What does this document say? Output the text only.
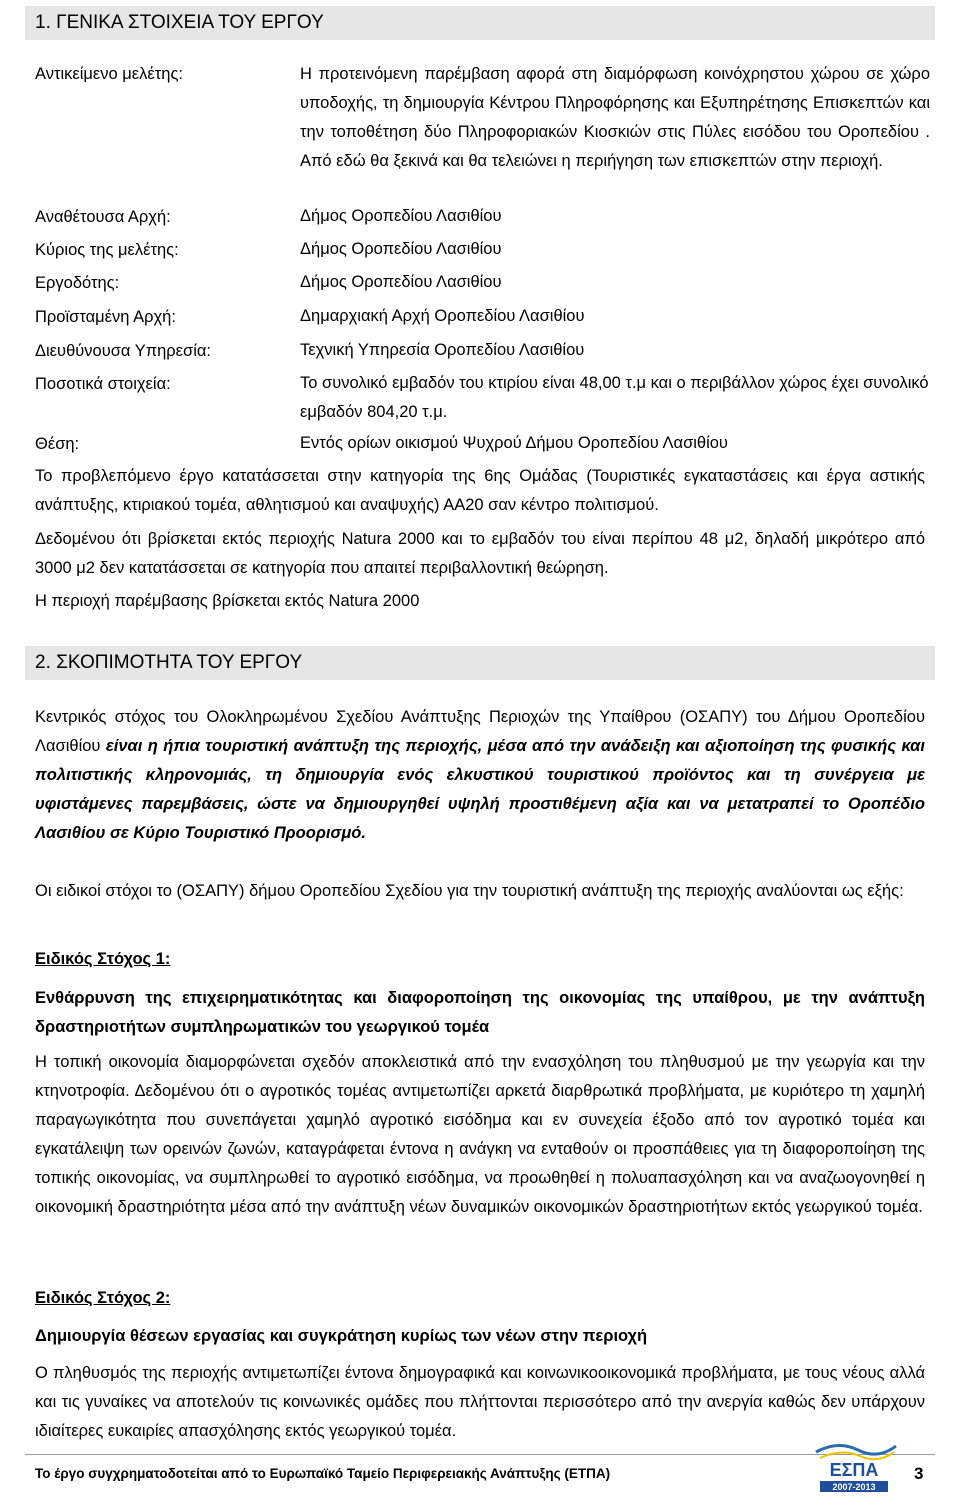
1. ΓΕΝΙΚΑ ΣΤΟΙΧΕΙΑ ΤΟΥ ΕΡΓΟΥ
Αντικείμενο μελέτης:
Αναθέτουσα Αρχή:
Κύριος της μελέτης:
Εργοδότης:
Προϊσταμένη Αρχή:
Διευθύνουσα Υπηρεσία:
Ποσοτικά στοιχεία:
Θέση:
Η προτεινόμενη παρέμβαση αφορά στη διαμόρφωση κοινόχρηστου χώρου σε χώρο υποδοχής, τη δημιουργία Κέντρου Πληροφόρησης και Εξυπηρέτησης Επισκεπτών και την τοποθέτηση δύο Πληροφοριακών Κιοσκιών στις Πύλες εισόδου του Οροπεδίου . Από εδώ θα ξεκινά και θα τελειώνει η περιήγηση των επισκεπτών στην περιοχή.
Δήμος Οροπεδίου Λασιθίου
Δήμος Οροπεδίου Λασιθίου
Δήμος Οροπεδίου Λασιθίου
Δημαρχιακή Αρχή Οροπεδίου Λασιθίου
Τεχνική Υπηρεσία Οροπεδίου Λασιθίου
Το συνολικό εμβαδόν του κτιρίου είναι 48,00 τ.μ και ο περιβάλλον χώρος έχει συνολικό εμβαδόν 804,20 τ.μ.
Εντός ορίων οικισμού Ψυχρού Δήμου Οροπεδίου Λασιθίου
Το προβλεπόμενο έργο κατατάσσεται στην κατηγορία της 6ης Ομάδας (Τουριστικές εγκαταστάσεις και έργα αστικής ανάπτυξης, κτιριακού τομέα, αθλητισμού και αναψυχής) ΑΑ20 σαν κέντρο πολιτισμού.
Δεδομένου ότι βρίσκεται εκτός περιοχής Natura 2000 και το εμβαδόν του είναι περίπου 48 μ2, δηλαδή μικρότερο από 3000 μ2 δεν κατατάσσεται σε κατηγορία που απαιτεί περιβαλλοντική θεώρηση.
Η περιοχή παρέμβασης βρίσκεται εκτός Natura 2000
2. ΣΚΟΠΙΜΟΤΗΤΑ ΤΟΥ ΕΡΓΟΥ
Κεντρικός στόχος του Ολοκληρωμένου Σχεδίου Ανάπτυξης Περιοχών της Υπαίθρου (ΟΣΑΠΥ) του Δήμου Οροπεδίου Λασιθίου είναι η ήπια τουριστική ανάπτυξη της περιοχής, μέσα από την ανάδειξη και αξιοποίηση της φυσικής και πολιτιστικής κληρονομιάς, τη δημιουργία ενός ελκυστικού τουριστικού προϊόντος και τη συνέργεια με υφιστάμενες παρεμβάσεις, ώστε να δημιουργηθεί υψηλή προστιθέμενη αξία και να μετατραπεί το Οροπέδιο Λασιθίου σε Κύριο Τουριστικό Προορισμό.
Οι ειδικοί στόχοι το (ΟΣΑΠΥ) δήμου Οροπεδίου Σχεδίου για την τουριστική ανάπτυξη της περιοχής αναλύονται ως εξής:
Ειδικός Στόχος 1:
Ενθάρρυνση της επιχειρηματικότητας και διαφοροποίηση της οικονομίας της υπαίθρου, με την ανάπτυξη δραστηριοτήτων συμπληρωματικών του γεωργικού τομέα
Η τοπική οικονομία διαμορφώνεται σχεδόν αποκλειστικά από την ενασχόληση του πληθυσμού με την γεωργία και την κτηνοτροφία. Δεδομένου ότι ο αγροτικός τομέας αντιμετωπίζει αρκετά διαρθρωτικά προβλήματα, με κυριότερο τη χαμηλή παραγωγικότητα που συνεπάγεται χαμηλό αγροτικό εισόδημα και εν συνεχεία έξοδο από τον αγροτικό τομέα και εγκατάλειψη των ορεινών ζωνών, καταγράφεται έντονα η ανάγκη να ενταθούν οι προσπάθειες για τη διαφοροποίηση της τοπικής οικονομίας, να συμπληρωθεί το αγροτικό εισόδημα, να προωθηθεί η πολυαπασχόληση και να αναζωογονηθεί η οικονομική δραστηριότητα μέσα από την ανάπτυξη νέων δυναμικών οικονομικών δραστηριοτήτων εκτός γεωργικού τομέα.
Ειδικός Στόχος 2:
Δημιουργία θέσεων εργασίας και συγκράτηση κυρίως των νέων στην περιοχή
Ο πληθυσμός της περιοχής αντιμετωπίζει έντονα δημογραφικά και κοινωνικοοικονομικά προβλήματα, με τους νέους αλλά και τις γυναίκες να αποτελούν τις κοινωνικές ομάδες που πλήττονται περισσότερο από την ανεργία καθώς δεν υπάρχουν ιδιαίτερες ευκαιρίες απασχόλησης εκτός γεωργικού τομέα.
Το έργο συγχρηματοδοτείται από το Ευρωπαϊκό Ταμείο Περιφερειακής Ανάπτυξης (ΕΤΠΑ)	ΕΣΠΑ
2007-2013
3
